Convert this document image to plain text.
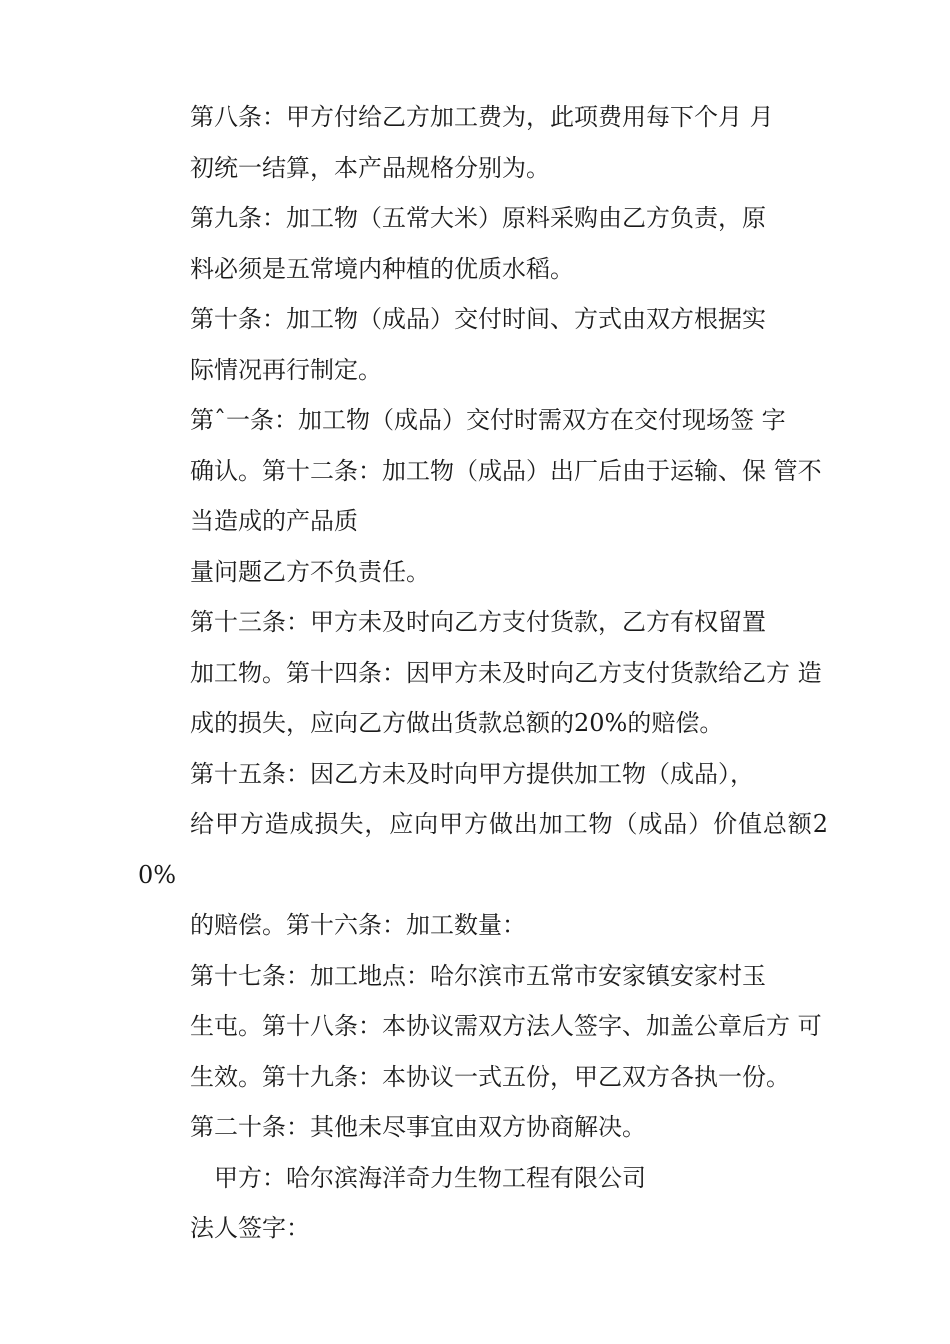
第八条：甲方付给乙方加工费为，此项费用每下个月 月
初统一结算，本产品规格分别为。

第九条：加工物（五常大米）原料采购由乙方负责，原
料必须是五常境内种植的优质水稻。

第十条：加工物（成品）交付时间、方式由双方根据实
际情况再行制定。

第ˆ一条：加工物（成品）交付时需双方在交付现场签 字
确认。第十二条：加工物（成品）出厂后由于运输、保 管不
当造成的产品质

量问题乙方不负责任。

第十三条：甲方未及时向乙方支付货款，乙方有权留置
加工物。第十四条：因甲方未及时向乙方支付货款给乙方 造
成的损失，应向乙方做出货款总额的20%的赔偿。

第十五条：因乙方未及时向甲方提供加工物（成品），
给甲方造成损失，应向甲方做出加工物（成品）价值总额20%
的赔偿。第十六条：加工数量：

第十七条：加工地点：哈尔滨市五常市安家镇安家村玉
生屯。第十八条：本协议需双方法人签字、加盖公章后方 可
生效。第十九条：本协议一式五份，甲乙双方各执一份。

第二十条：其他未尽事宜由双方协商解决。

甲方：哈尔滨海洋奇力生物工程有限公司

法人签字：
